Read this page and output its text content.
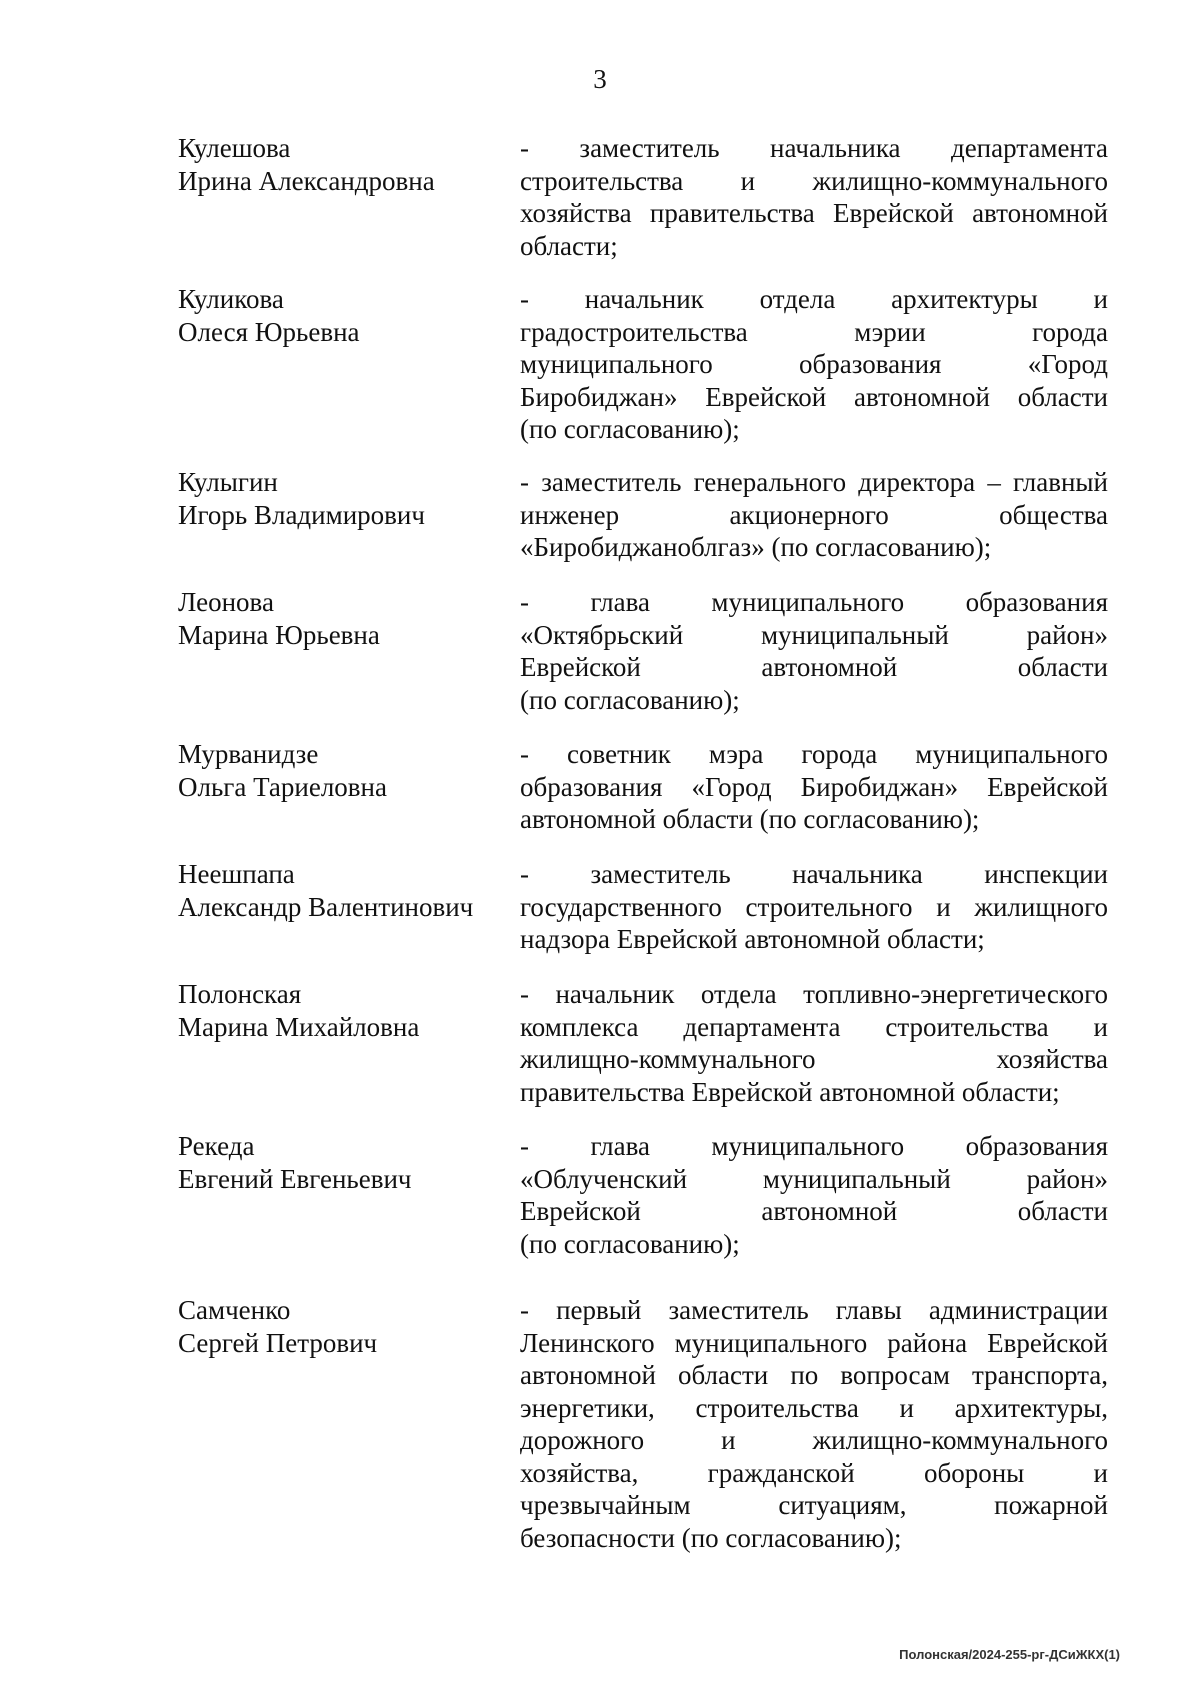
3
Кулешова
Ирина Александровна
- заместитель начальника департамента
строительства и жилищно-коммунального
хозяйства правительства Еврейской автономной
области;
Куликова
Олеся Юрьевна
- начальник отдела архитектуры и
градостроительства мэрии города
муниципального образования «Город
Биробиджан» Еврейской автономной области
(по согласованию);
Кулыгин
Игорь Владимирович
- заместитель генерального директора – главный
инженер акционерного общества
«Биробиджаноблгаз» (по согласованию);
Леонова
Марина Юрьевна
- глава муниципального образования
«Октябрьский муниципальный район»
Еврейской автономной области
(по согласованию);
Мурванидзе
Ольга Тариеловна
- советник мэра города муниципального
образования «Город Биробиджан» Еврейской
автономной области (по согласованию);
Неешпапа
Александр Валентинович
- заместитель начальника инспекции
государственного строительного и жилищного
надзора Еврейской автономной области;
Полонская
Марина Михайловна
- начальник отдела топливно-энергетического
комплекса департамента строительства и
жилищно-коммунального хозяйства
правительства Еврейской автономной области;
Рекеда
Евгений Евгеньевич
- глава муниципального образования
«Облученский муниципальный район»
Еврейской автономной области
(по согласованию);
Самченко
Сергей Петрович
- первый заместитель главы администрации
Ленинского муниципального района Еврейской
автономной области по вопросам транспорта,
энергетики, строительства и архитектуры,
дорожного и жилищно-коммунального
хозяйства, гражданской обороны и
чрезвычайным ситуациям, пожарной
безопасности (по согласованию);
Полонская/2024-255-рг-ДСиЖКХ(1)
